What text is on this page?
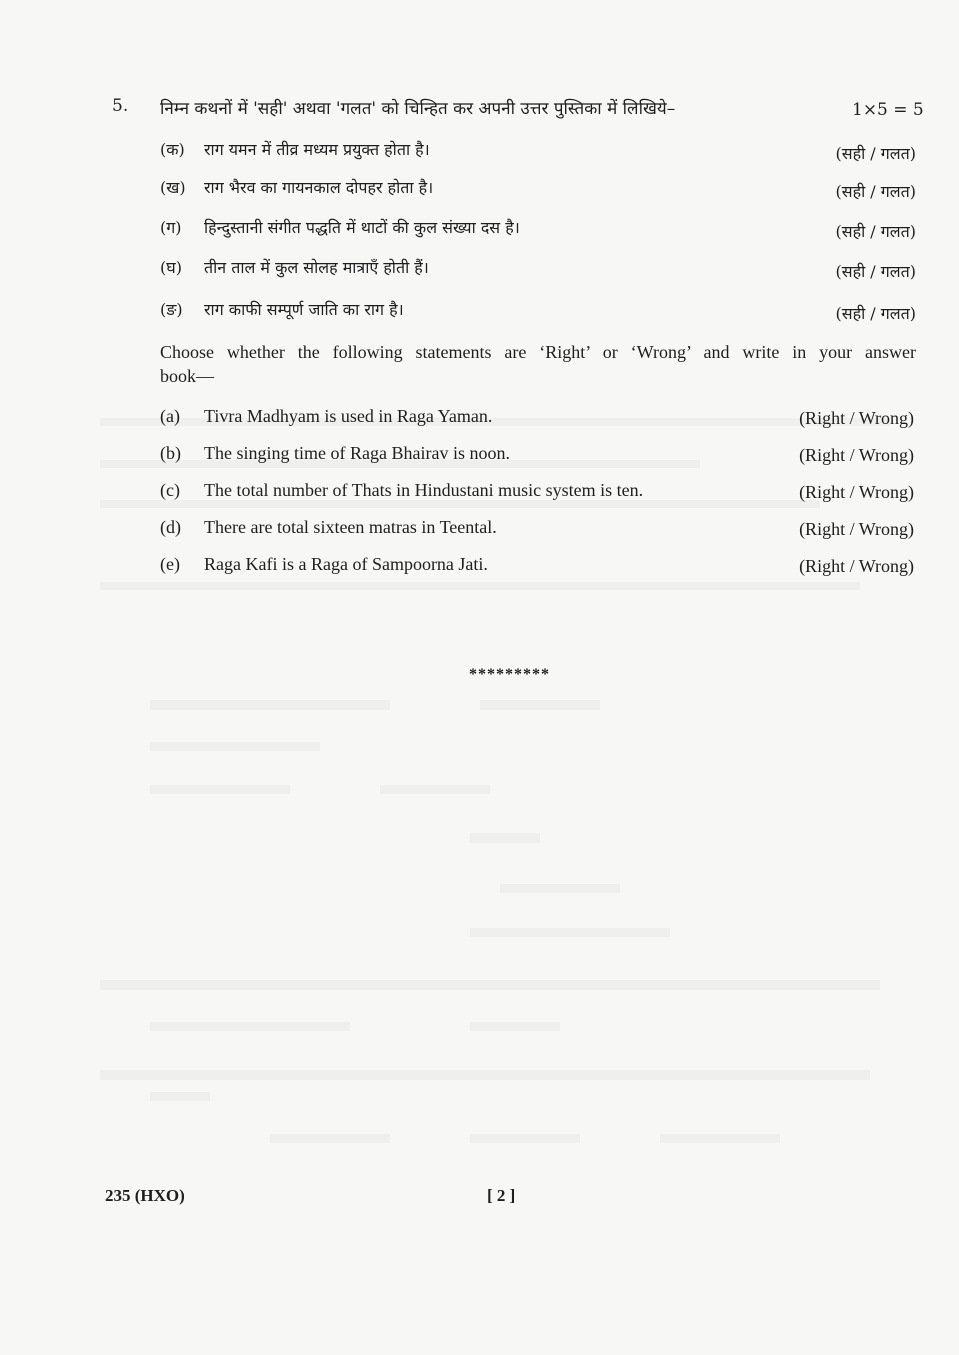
5. निम्न कथनों में 'सही' अथवा 'गलत' को चिन्हित कर अपनी उत्तर पुस्तिका में लिखिये–	1×5 = 5
(क) राग यमन में तीव्र मध्यम प्रयुक्त होता है।	(सही / गलत)
(ख) राग भैरव का गायनकाल दोपहर होता है।	(सही / गलत)
(ग) हिन्दुस्तानी संगीत पद्धति में थाटों की कुल संख्या दस है।	(सही / गलत)
(घ) तीन ताल में कुल सोलह मात्राएँ होती हैं।	(सही / गलत)
(ङ) राग काफी सम्पूर्ण जाति का राग है।	(सही / गलत)
Choose whether the following statements are ‘Right’ or ‘Wrong’ and write in your answer
book—
(a) Tivra Madhyam is used in Raga Yaman.	(Right / Wrong)
(b) The singing time of Raga Bhairav is noon.	(Right / Wrong)
(c) The total number of Thats in Hindustani music system is ten.	(Right / Wrong)
(d) There are total sixteen matras in Teental.	(Right / Wrong)
(e) Raga Kafi is a Raga of Sampoorna Jati.	(Right / Wrong)
*********
235 (HXO)	[ 2 ]
